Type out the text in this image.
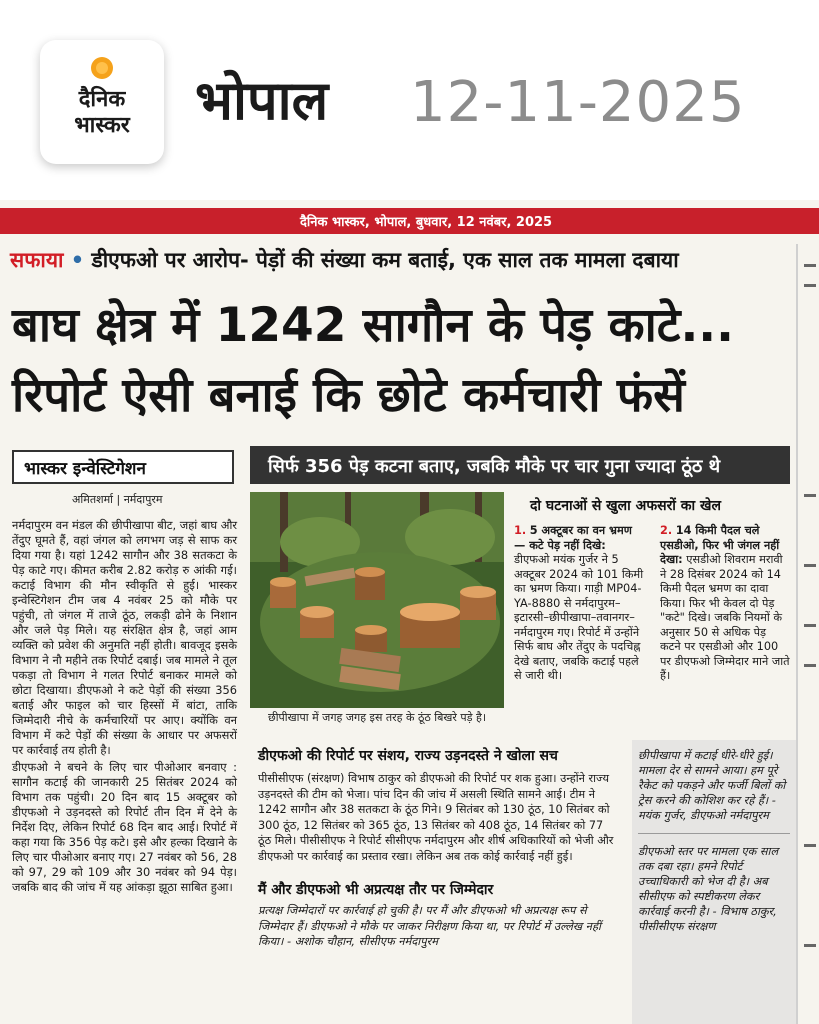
दैनिक
भास्कर	भोपाल 12-11-2025
दैनिक भास्कर, भोपाल, बुधवार, 12 नवंबर, 2025
सफाया • डीएफओ पर आरोप- पेड़ों की संख्या कम बताई, एक साल तक मामला दबाया
बाघ क्षेत्र में 1242 सागौन के पेड़ काटे...
रिपोर्ट ऐसी बनाई कि छोटे कर्मचारी फंसें
भास्कर इन्वेस्टिगेशन
अमितशर्मा | नर्मदापुरम

नर्मदापुरम वन मंडल की छीपीखापा बीट, जहां बाघ और तेंदुए घूमते हैं, वहां जंगल को लगभग जड़ से साफ कर दिया गया है। यहां 1242 सागौन और 38 सतकटा के पेड़ काटे गए। कीमत करीब 2.82 करोड़ रु आंकी गई। कटाई विभाग की मौन स्वीकृति से हुई। भास्कर इन्वेस्टिगेशन टीम जब 4 नवंबर 25 को मौके पर पहुंची, तो जंगल में ताजे ठूंठ, लकड़ी ढोने के निशान और जले पेड़ मिले। यह संरक्षित क्षेत्र है, जहां आम व्यक्ति को प्रवेश की अनुमति नहीं होती। बावजूद इसके विभाग ने नौ महीने तक रिपोर्ट दबाई। जब मामले ने तूल पकड़ा तो विभाग ने गलत रिपोर्ट बनाकर मामले को छोटा दिखाया। डीएफओ ने कटे पेड़ों की संख्या 356 बताई और फाइल को चार हिस्सों में बांटा, ताकि जिम्मेदारी नीचे के कर्मचारियों पर आए। क्योंकि वन विभाग में कटे पेड़ों की संख्या के आधार पर अफसरों पर कार्रवाई तय होती है।

डीएफओ ने बचने के लिए चार पीओआर बनवाए : सागौन कटाई की जानकारी 25 सितंबर 2024 को विभाग तक पहुंची। 20 दिन बाद 15 अक्टूबर को डीएफओ ने उड़नदस्ते को रिपोर्ट तीन दिन में देने के निर्देश दिए, लेकिन रिपोर्ट 68 दिन बाद आई। रिपोर्ट में कहा गया कि 356 पेड़ कटे। इसे और हल्का दिखाने के लिए चार पीओआर बनाए गए। 27 नवंबर को 56, 28 को 97, 29 को 109 और 30 नवंबर को 94 पेड़। जबकि बाद की जांच में यह आंकड़ा झूठा साबित हुआ।

सिर्फ 356 पेड़ कटना बताए, जबकि मौके पर चार गुना ज्यादा ठूंठ थे
छीपीखापा में जगह जगह इस तरह के ठूंठ बिखरे पड़े है।
दो घटनाओं से खुला अफसरों का खेल
1. 5 अक्टूबर का वन भ्रमण — कटे पेड़ नहीं दिखे: डीएफओ मयंक गुर्जर ने 5 अक्टूबर 2024 को 101 किमी का भ्रमण किया। गाड़ी MP04-YA-8880 से नर्मदापुरम–इटारसी–छीपीखापा–तवानगर–नर्मदापुरम गए। रिपोर्ट में उन्होंने सिर्फ बाघ और तेंदुए के पदचिह्न देखे बताए, जबकि कटाई पहले से जारी थी।
2. 14 किमी पैदल चले एसडीओ, फिर भी जंगल नहीं देखा: एसडीओ शिवराम मरावी ने 28 दिसंबर 2024 को 14 किमी पैदल भ्रमण का दावा किया। फिर भी केवल दो पेड़ "कटे" दिखे। जबकि नियमों के अनुसार 50 से अधिक पेड़ कटने पर एसडीओ और 100 पर डीएफओ जिम्मेदार माने जाते हैं।
डीएफओ की रिपोर्ट पर संशय, राज्य उड़नदस्ते ने खोला सच
पीसीसीएफ (संरक्षण) विभाष ठाकुर को डीएफओ की रिपोर्ट पर शक हुआ। उन्होंने राज्य उड़नदस्ते की टीम को भेजा। पांच दिन की जांच में असली स्थिति सामने आई। टीम ने 1242 सागौन और 38 सतकटा के ठूंठ गिने। 9 सितंबर को 130 ठूंठ, 10 सितंबर को 300 ठूंठ, 12 सितंबर को 365 ठूंठ, 13 सितंबर को 408 ठूंठ, 14 सितंबर को 77 ठूंठ मिले। पीसीसीएफ ने रिपोर्ट सीसीएफ नर्मदापुरम और शीर्ष अधिकारियों को भेजी और डीएफओ पर कार्रवाई का प्रस्ताव रखा। लेकिन अब तक कोई कार्रवाई नहीं हुई।
मैं और डीएफओ भी अप्रत्यक्ष तौर पर जिम्मेदार
प्रत्यक्ष जिम्मेदारों पर कार्रवाई हो चुकी है। पर मैं और डीएफओ भी अप्रत्यक्ष रूप से जिम्मेदार हैं। डीएफओ ने मौके पर जाकर निरीक्षण किया था, पर रिपोर्ट में उल्लेख नहीं किया। - अशोक चौहान, सीसीएफ नर्मदापुरम

छीपीखापा में कटाई धीरे-धीरे हुई। मामला देर से सामने आया। हम पूरे रैकेट को पकड़ने और फर्जी बिलों को ट्रेस करने की कोशिश कर रहे हैं। - मयंक गुर्जर, डीएफओ नर्मदापुरम

डीएफओ स्तर पर मामला एक साल तक दबा रहा। हमने रिपोर्ट उच्चाधिकारी को भेज दी है। अब सीसीएफ को स्पष्टीकरण लेकर कार्रवाई करनी है। - विभाष ठाकुर, पीसीसीएफ संरक्षण
